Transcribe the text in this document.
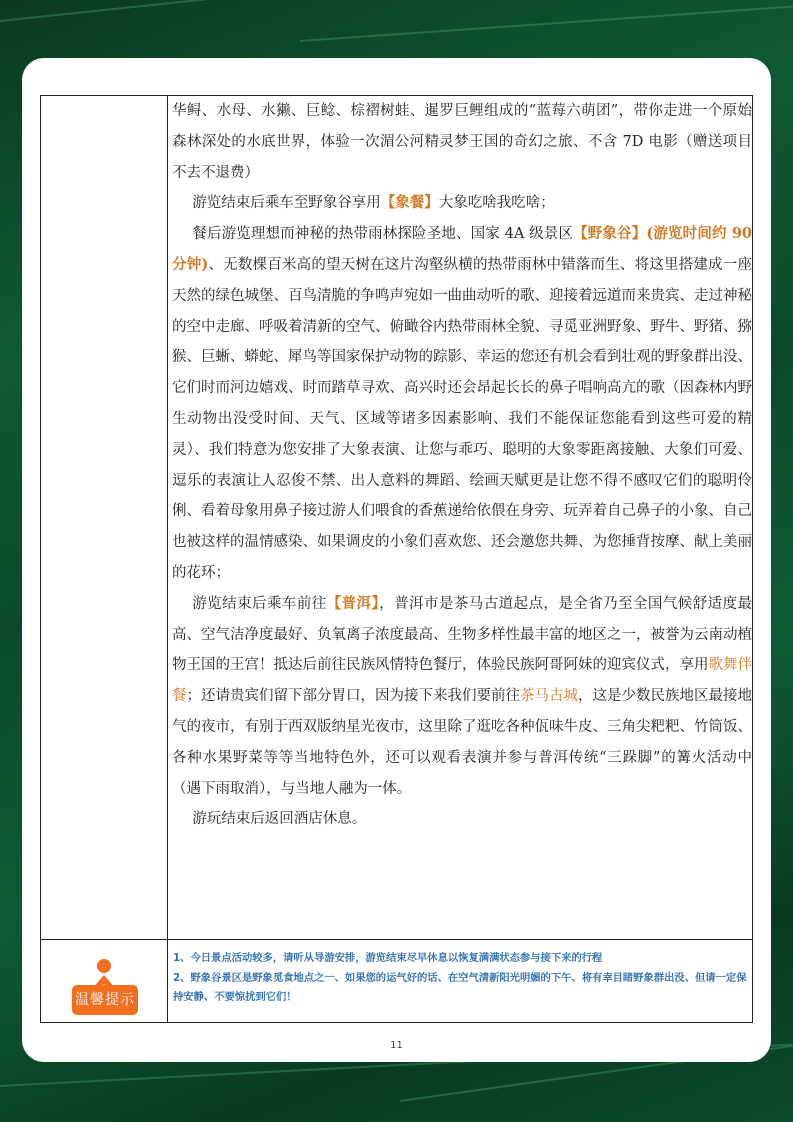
华鲟、水母、水獭、巨鲶、棕褶树蛙、暹罗巨鲤组成的“蓝莓六萌团”，带你走进一个原始森林深处的水底世界，体验一次湄公河精灵梦王国的奇幻之旅、不含 7D 电影（赠送项目不去不退费）

游览结束后乘车至野象谷享用【象餐】大象吃啥我吃啥；

餐后游览理想而神秘的热带雨林探险圣地、国家 4A 级景区【野象谷】(游览时间约 90 分钟)、无数棵百米高的望天树在这片沟壑纵横的热带雨林中错落而生、将这里搭建成一座天然的绿色城堡、百鸟清脆的争鸣声宛如一曲曲动听的歌、迎接着远道而来贵宾、走过神秘的空中走廊、呼吸着清新的空气、俯瞰谷内热带雨林全貌、寻觅亚洲野象、野牛、野猪、猕猴、巨蜥、蟒蛇、犀鸟等国家保护动物的踪影、幸运的您还有机会看到壮观的野象群出没、它们时而河边嬉戏、时而踏草寻欢、高兴时还会昂起长长的鼻子唱响高亢的歌（因森林内野生动物出没受时间、天气、区域等诸多因素影响、我们不能保证您能看到这些可爱的精灵）、我们特意为您安排了大象表演、让您与乖巧、聪明的大象零距离接触、大象们可爱、逗乐的表演让人忍俊不禁、出人意料的舞蹈、绘画天赋更是让您不得不感叹它们的聪明伶俐、看着母象用鼻子接过游人们喂食的香蕉递给依偎在身旁、玩弄着自己鼻子的小象、自己也被这样的温情感染、如果调皮的小象们喜欢您、还会邀您共舞、为您捶背按摩、献上美丽的花环；

游览结束后乘车前往【普洱】，普洱市是茶马古道起点，是全省乃至全国气候舒适度最高、空气洁净度最好、负氧离子浓度最高、生物多样性最丰富的地区之一，被誉为云南动植物王国的王宫！抵达后前往民族风情特色餐厅，体验民族阿哥阿妹的迎宾仪式，享用歌舞伴餐；还请贵宾们留下部分胃口，因为接下来我们要前往茶马古城，这是少数民族地区最接地气的夜市，有别于西双版纳星光夜市，这里除了逛吃各种佤味牛皮、三角尖粑粑、竹筒饭、各种水果野菜等等当地特色外，还可以观看表演并参与普洱传统“三跺脚”的篝火活动中（遇下雨取消），与当地人融为一体。

游玩结束后返回酒店休息。

温馨提示

1、今日景点活动较多，请听从导游安排，游览结束尽早休息以恢复满满状态参与接下来的行程

2、野象谷景区是野象觅食地点之一、如果您的运气好的话、在空气清新阳光明媚的下午、将有幸目睹野象群出没、但请一定保持安静、不要惊扰到它们！

11
